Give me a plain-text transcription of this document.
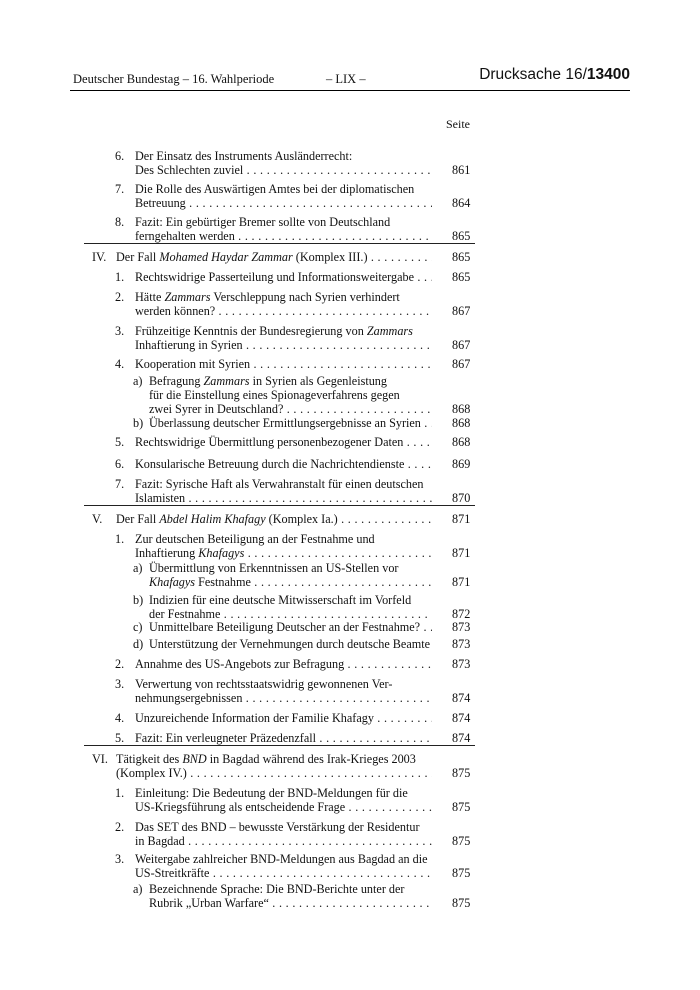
Deutscher Bundestag – 16. Wahlperiode	– LIX –	Drucksache 16/13400
Seite
6. Der Einsatz des Instruments Ausländerrecht:
Des Schlechten zuviel . . .	861
7. Die Rolle des Auswärtigen Amtes bei der diplomatischen
Betreuung . . .	864
8. Fazit: Ein gebürtiger Bremer sollte von Deutschland
ferngehalten werden . . .	865
IV. Der Fall Mohamed Haydar Zammar (Komplex III.) . . .	865
1. Rechtswidrige Passerteilung und Informationsweitergabe . . .	865
2. Hätte Zammars Verschleppung nach Syrien verhindert
werden können? . . .	867
3. Frühzeitige Kenntnis der Bundesregierung von Zammars
Inhaftierung in Syrien . . .	867
4. Kooperation mit Syrien . . .	867
a) Befragung Zammars in Syrien als Gegenleistung
für die Einstellung eines Spionageverfahrens gegen
zwei Syrer in Deutschland? . . .	868
b) Überlassung deutscher Ermittlungsergebnisse an Syrien . . .	868
5. Rechtswidrige Übermittlung personenbezogener Daten . . .	868
6. Konsularische Betreuung durch die Nachrichtendienste . . .	869
7. Fazit: Syrische Haft als Verwahranstalt für einen deutschen
Islamisten . . .	870
V. Der Fall Abdel Halim Khafagy (Komplex Ia.) . . .	871
1. Zur deutschen Beteiligung an der Festnahme und
Inhaftierung Khafagys . . .	871
a) Übermittlung von Erkenntnissen an US-Stellen vor
Khafagys Festnahme . . .	871
b) Indizien für eine deutsche Mitwisserschaft im Vorfeld
der Festnahme . . .	872
c) Unmittelbare Beteiligung Deutscher an der Festnahme? . . .	873
d) Unterstützung der Vernehmungen durch deutsche Beamte . . . 873
2. Annahme des US-Angebots zur Befragung . . .	873
3. Verwertung von rechtsstaatswidrig gewonnenen Ver-
nehmungsergebnissen . . .	874
4. Unzureichende Information der Familie Khafagy . . .	874
5. Fazit: Ein verleugneter Präzedenzfall . . .	874
VI. Tätigkeit des BND in Bagdad während des Irak-Krieges 2003
(Komplex IV.) . . .	875
1. Einleitung: Die Bedeutung der BND-Meldungen für die
US-Kriegsführung als entscheidende Frage . . .	875
2. Das SET des BND – bewusste Verstärkung der Residentur
in Bagdad . . .	875
3. Weitergabe zahlreicher BND-Meldungen aus Bagdad an die
US-Streitkräfte . . .	875
a) Bezeichnende Sprache: Die BND-Berichte unter der
Rubrik „Urban Warfare“ . . .	875
